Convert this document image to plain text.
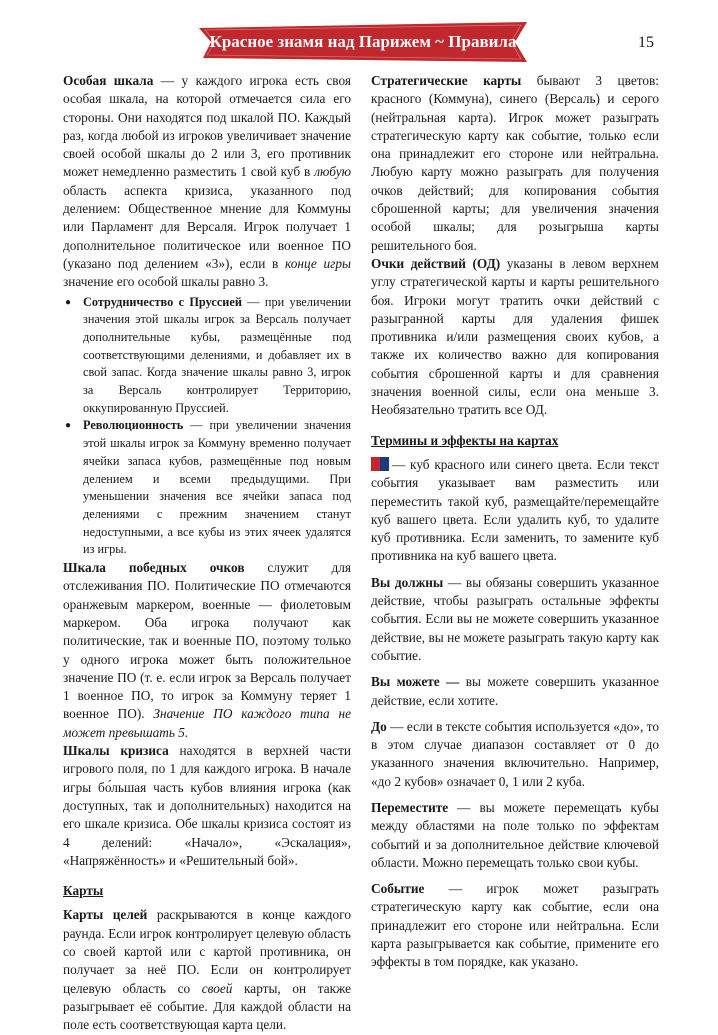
Красное знамя над Парижем ~ Правила	15

Особая шкала — у каждого игрока есть своя особая шкала, на которой отмечается сила его стороны. Они находятся под шкалой ПО. Каждый раз, когда любой из игроков увеличивает значение своей особой шкалы до 2 или 3, его противник может немедленно разместить 1 свой куб в любую область аспекта кризиса, указанного под делением: Общественное мнение для Коммуны или Парламент для Версаля. Игрок получает 1 дополнительное политическое или военное ПО (указано под делением «3»), если в конце игры значение его особой шкалы равно 3.

● Сотрудничество с Пруссией — при увеличении значения этой шкалы игрок за Версаль получает дополнительные кубы, размещённые под соответствующими делениями, и добавляет их в свой запас. Когда значение шкалы равно 3, игрок за Версаль контролирует Территорию, оккупированную Пруссией.
● Революционность — при увеличении значения этой шкалы игрок за Коммуну временно получает ячейки запаса кубов, размещённые под новым делением и всеми предыдущими. При уменьшении значения все ячейки запаса под делениями с прежним значением станут недоступными, а все кубы из этих ячеек удалятся из игры.

Шкала победных очков служит для отслеживания ПО. Политические ПО отмечаются оранжевым маркером, военные — фиолетовым маркером. Оба игрока получают как политические, так и военные ПО, поэтому только у одного игрока может быть положительное значение ПО (т. е. если игрок за Версаль получает 1 военное ПО, то игрок за Коммуну теряет 1 военное ПО). Значение ПО каждого типа не может превышать 5.

Шкалы кризиса находятся в верхней части игрового поля, по 1 для каждого игрока. В начале игры бо́льшая часть кубов влияния игрока (как доступных, так и дополнительных) находится на его шкале кризиса. Обе шкалы кризиса состоят из 4 делений: «Начало», «Эскалация», «Напряжённость» и «Решительный бой».

Карты

Карты целей раскрываются в конце каждого раунда. Если игрок контролирует целевую область со своей картой или с картой противника, он получает за неё ПО. Если он контролирует целевую область со своей карты, он также разыгрывает её событие. Для каждой области на поле есть соответствующая карта цели.

Стратегические карты бывают 3 цветов: красного (Коммуна), синего (Версаль) и серого (нейтральная карта). Игрок может разыграть стратегическую карту как событие, только если она принадлежит его стороне или нейтральна. Любую карту можно разыграть для получения очков действий; для копирования события сброшенной карты; для увеличения значения особой шкалы; для розыгрыша карты решительного боя.

Очки действий (ОД) указаны в левом верхнем углу стратегической карты и карты решительного боя. Игроки могут тратить очки действий с разыгранной карты для удаления фишек противника и/или размещения своих кубов, а также их количество важно для копирования события сброшенной карты и для сравнения значения военной силы, если она меньше 3. Необязательно тратить все ОД.

Термины и эффекты на картах

— куб красного или синего цвета. Если текст события указывает вам разместить или переместить такой куб, размещайте/перемещайте куб вашего цвета. Если удалить куб, то удалите куб противника. Если заменить, то замените куб противника на куб вашего цвета.

Вы должны — вы обязаны совершить указанное действие, чтобы разыграть остальные эффекты события. Если вы не можете совершить указанное действие, вы не можете разыграть такую карту как событие.

Вы можете — вы можете совершить указанное действие, если хотите.

До — если в тексте события используется «до», то в этом случае диапазон составляет от 0 до указанного значения включительно. Например, «до 2 кубов» означает 0, 1 или 2 куба.

Переместите — вы можете перемещать кубы между областями на поле только по эффектам событий и за дополнительное действие ключевой области. Можно перемещать только свои кубы.

Событие — игрок может разыграть стратегическую карту как событие, если она принадлежит его стороне или нейтральна. Если карта разыгрывается как событие, примените его эффекты в том порядке, как указано.
